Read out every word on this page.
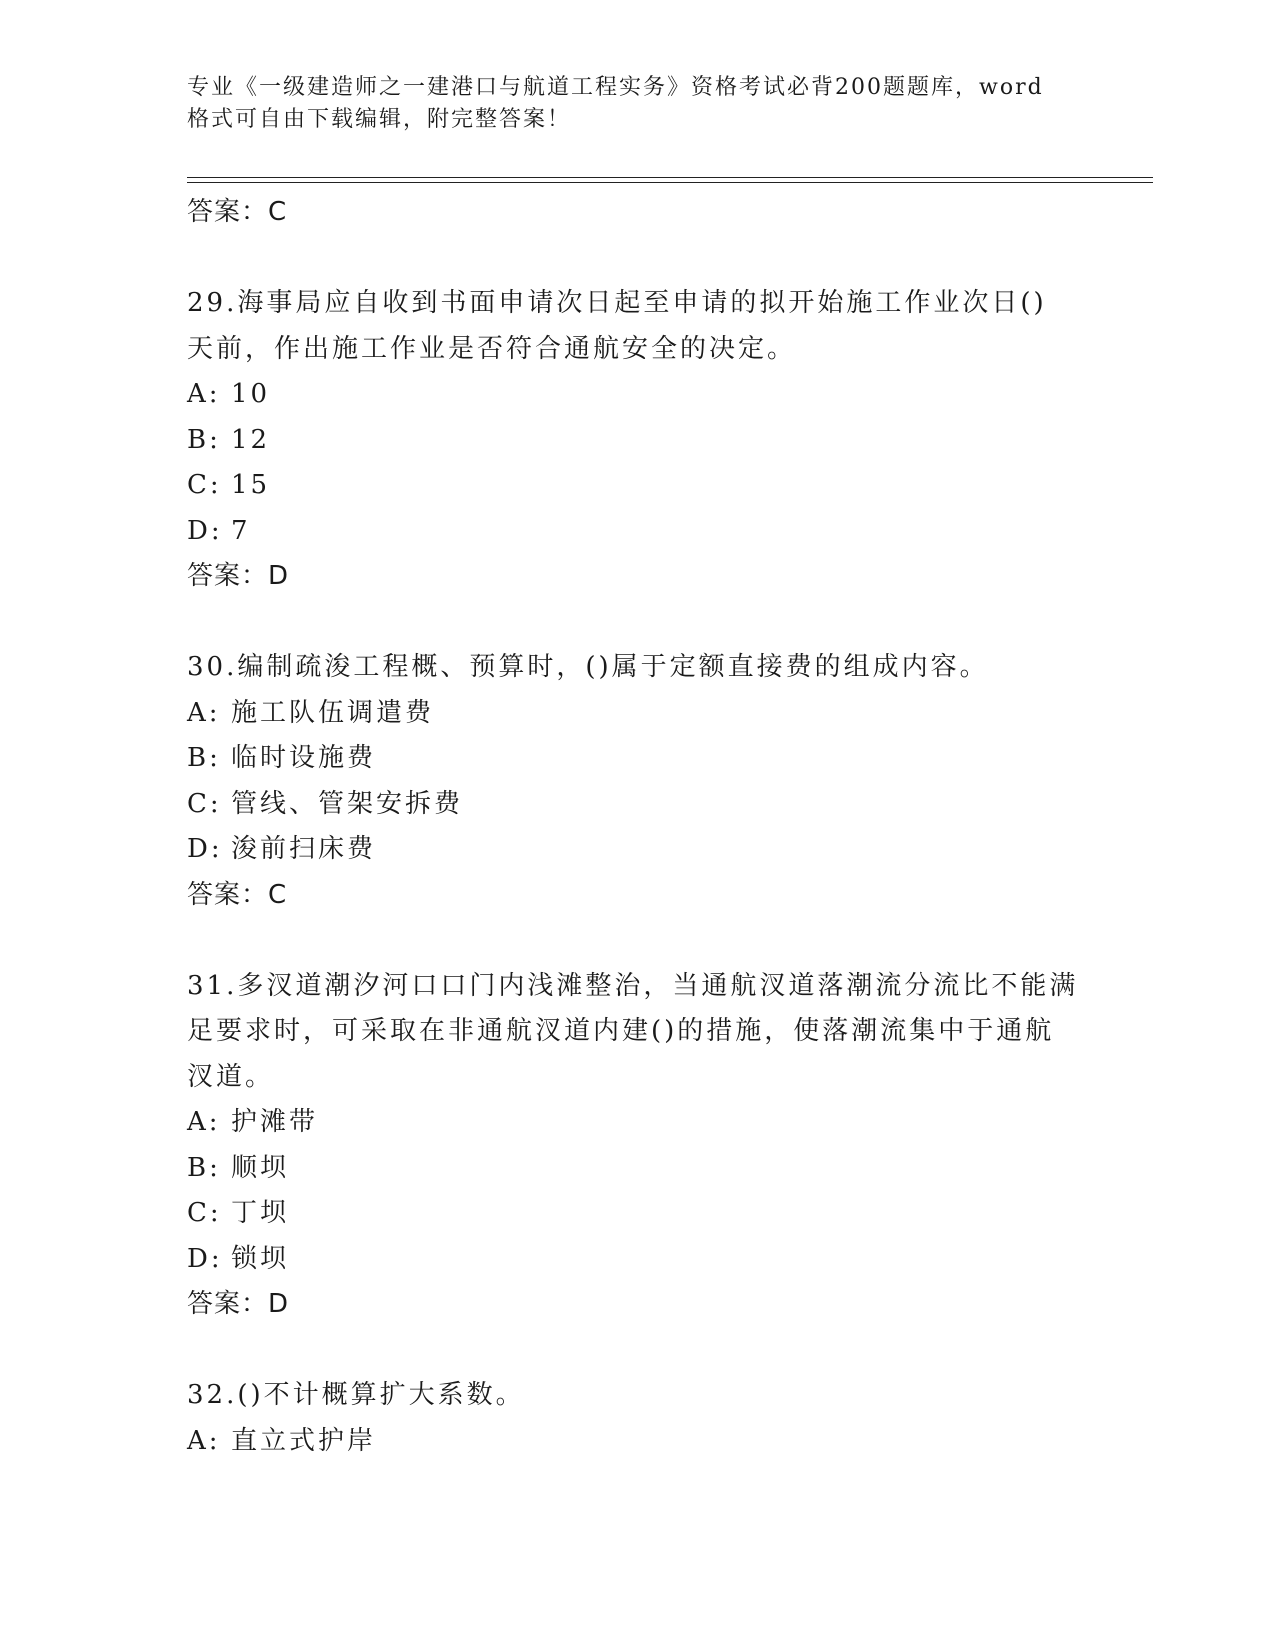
专业《一级建造师之一建港口与航道工程实务》资格考试必背200题题库，word格式可自由下载编辑，附完整答案！
答案：C
29.海事局应自收到书面申请次日起至申请的拟开始施工作业次日()
天前，作出施工作业是否符合通航安全的决定。
A: 10
B: 12
C: 15
D: 7
答案：D
30.编制疏浚工程概、预算时，()属于定额直接费的组成内容。
A: 施工队伍调遣费
B: 临时设施费
C: 管线、管架安拆费
D: 浚前扫床费
答案：C
31.多汊道潮汐河口口门内浅滩整治，当通航汊道落潮流分流比不能满
足要求时，可采取在非通航汊道内建()的措施，使落潮流集中于通航
汊道。
A: 护滩带
B: 顺坝
C: 丁坝
D: 锁坝
答案：D
32.()不计概算扩大系数。
A: 直立式护岸
